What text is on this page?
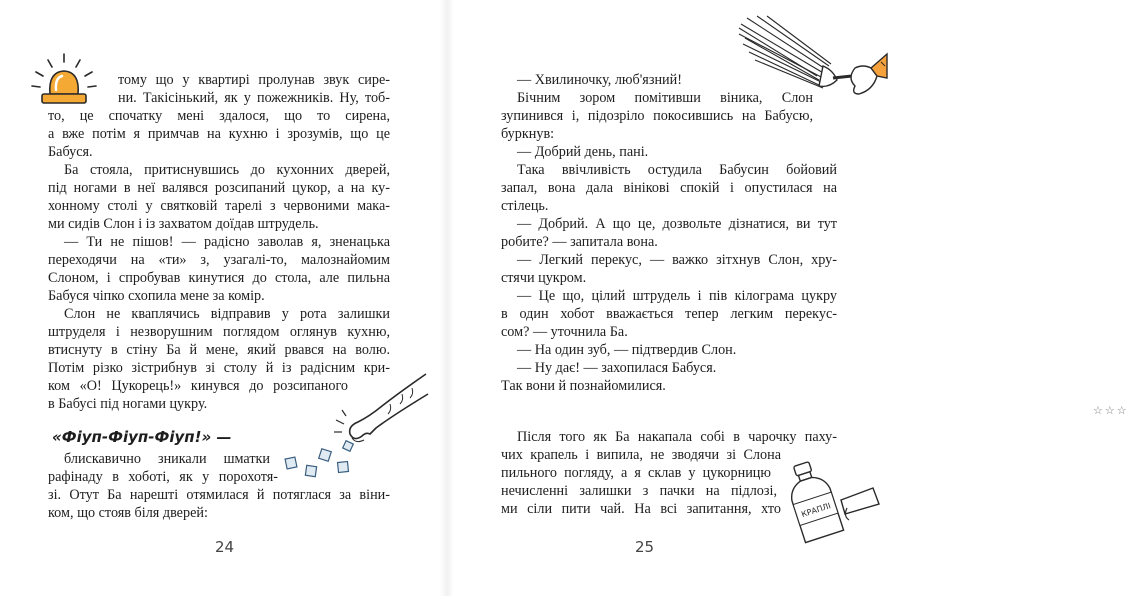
тому що у квартирі пролунав звук сире-
ни. Такісінький, як у пожежників. Ну, тоб-
то, це спочатку мені здалося, що то сирена,
а вже потім я примчав на кухню і зрозумів, що це
Бабуся.
Ба стояла, притиснувшись до кухонних дверей,
під ногами в неї валявся розсипаний цукор, а на ку-
хонному столі у святковій тарелі з червоними мака-
ми сидів Слон і із захватом доїдав штрудель.
— Ти не пішов! — радісно заволав я, зненацька
переходячи на «ти» з, узагалі-то, малознайомим
Слоном, і спробував кинутися до стола, але пильна
Бабуся чіпко схопила мене за комір.
Слон не кваплячись відправив у рота залишки
штруделя і незворушним поглядом оглянув кухню,
втиснуту в стіну Ба й мене, який рвався на волю.
Потім різко зістрибнув зі столу й із радісним кри-
ком «О! Цукорець!» кинувся до розсипаного
в Бабусі під ногами цукру.
«Фіуп-Фіуп-Фіуп!» —
блискавично зникали шматки
рафінаду в хоботі, як у порохотя-
зі. Отут Ба нарешті отямилася й потяглася за віни-
ком, що стояв біля дверей:
24
— Хвилиночку, люб'язний!
Бічним зором помітивши віника, Слон
зупинився і, підозріло покосившись на Бабусю,
буркнув:
— Добрий день, пані.
Така ввічливість остудила Бабусин бойовий
запал, вона дала вінікові спокій і опустилася на
стілець.
— Добрий. А що це, дозвольте дізнатися, ви тут
робите? — запитала вона.
— Легкий перекус, — важко зітхнув Слон, хру-
стячи цукром.
— Це що, цілий штрудель і пів кілограма цукру
в один хобот вважається тепер легким перекус-
сом? — уточнила Ба.
— На один зуб, — підтвердив Слон.
— Ну дає! — захопилася Бабуся.
Так вони й познайомилися.
☆☆☆
Після того як Ба накапала собі в чарочку паху-
чих крапель і випила, не зводячи зі Слона
пильного погляду, а я склав у цукорницю
нечисленні залишки з пачки на підлозі,
ми сіли пити чай. На всі запитання, хто КРАПЛІ
25
